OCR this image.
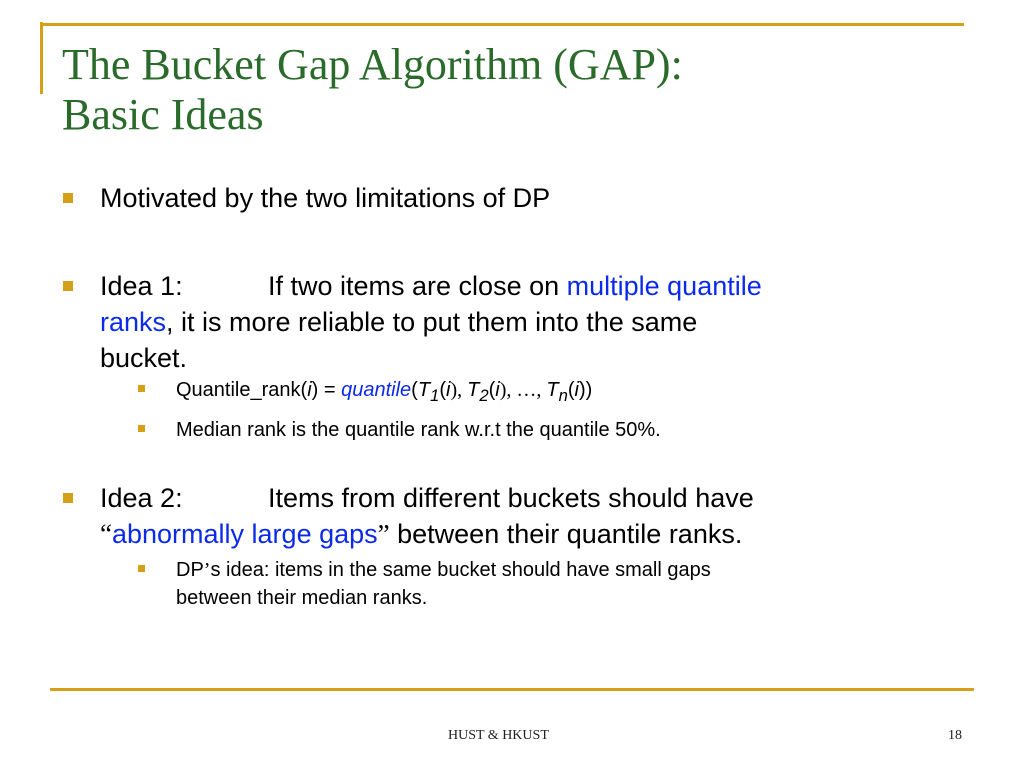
The Bucket Gap Algorithm (GAP):
Basic Ideas
Motivated by the two limitations of DP
Idea 1:	If two items are close on multiple quantile
ranks, it is more reliable to put them into the same
bucket.
Quantile_rank(i) = $quantile(T_1(i)$, $T_2(i)$, …, $T_n(i)$)
Median rank is the quantile rank w.r.t the quantile 50%.
Idea 2:	Items from different buckets should have
“abnormally large gaps” between their quantile ranks.
DP’s idea: items in the same bucket should have small gaps
between their median ranks.
HUST & HKUST	18
